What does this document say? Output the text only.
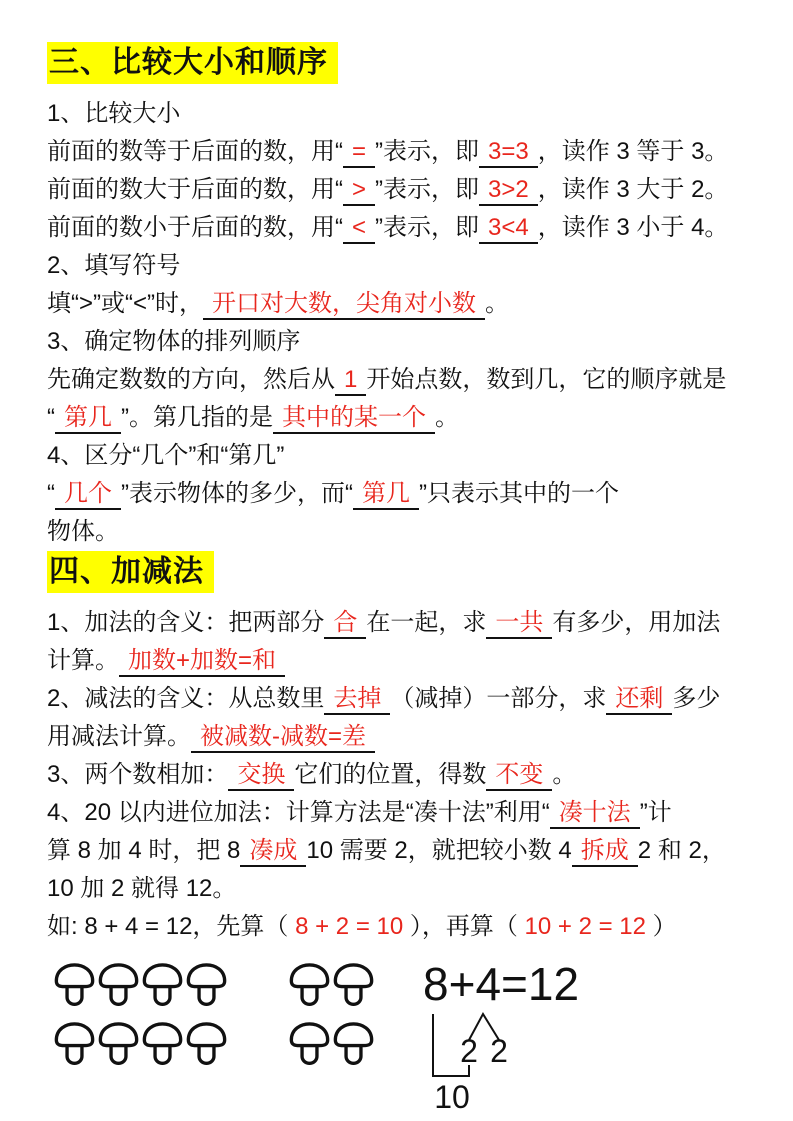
三、比较大小和顺序
1、比较大小
前面的数等于后面的数，用“ = ”表示，即 3=3 ，读作 3 等于 3。
前面的数大于后面的数，用“ > ”表示，即 3>2 ，读作 3 大于 2。
前面的数小于后面的数，用“ < ”表示，即 3<4 ，读作 3 小于 4。
2、填写符号
填“>”或“<”时， 开口对大数，尖角对小数 。
3、确定物体的排列顺序
先确定数数的方向，然后从 1 开始点数，数到几，它的顺序就是
“ 第几 ”。第几指的是 其中的某一个 。
4、区分“几个”和“第几”
“ 几个 ”表示物体的多少，而“ 第几 ”只表示其中的一个
物体。
四、加减法
1、加法的含义：把两部分 合 在一起，求 一共 有多少，用加法
计算。 加数+加数=和
2、减法的含义：从总数里 去掉 （减掉）一部分，求 还剩 多少
用减法计算。 被减数-减数=差
3、两个数相加： 交换 它们的位置，得数 不变 。
4、20 以内进位加法：计算方法是“凑十法”利用“ 凑十法 ”计
算 8 加 4 时，把 8 凑成 10 需要 2，就把较小数 4 拆成 2 和 2，
10 加 2 就得 12。
如: 8 + 4 = 12，先算（ 8 + 2 = 10 ），再算（ 10 + 2 = 12 ）
8+4=12
2 2
10
